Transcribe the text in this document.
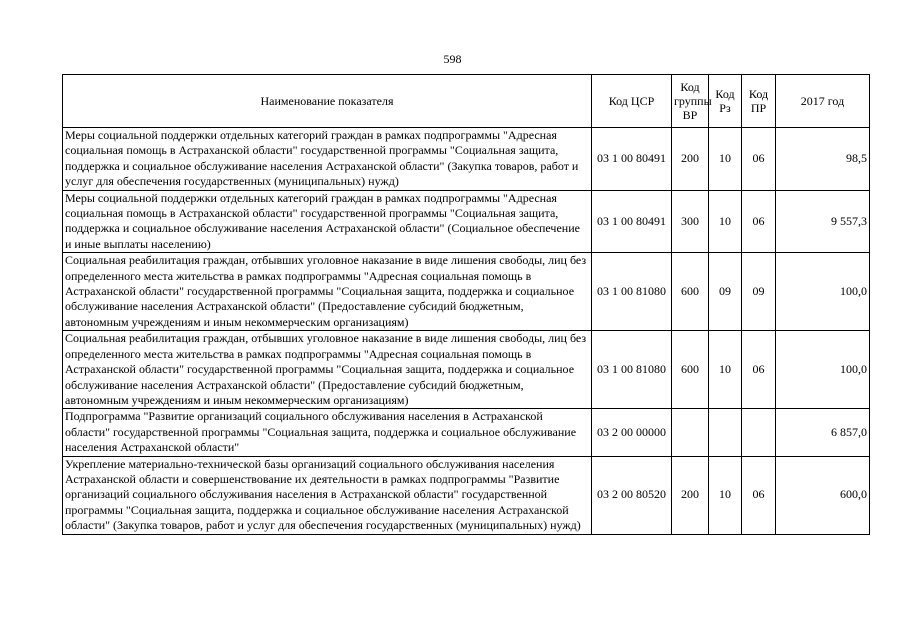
598
Наименование показателя	Код ЦСР	Код группы ВР	Код Рз	Код ПР	2017 год
Меры социальной поддержки отдельных категорий граждан в рамках подпрограммы "Адресная социальная помощь в Астраханской области" государственной программы "Социальная защита, поддержка и социальное обслуживание населения Астраханской области" (Закупка товаров, работ и услуг для обеспечения государственных (муниципальных) нужд)	03 1 00 80491	200	10	06	98,5
Меры социальной поддержки отдельных категорий граждан в рамках подпрограммы "Адресная социальная помощь в Астраханской области" государственной программы "Социальная защита, поддержка и социальное обслуживание населения Астраханской области" (Социальное обеспечение и иные выплаты населению)	03 1 00 80491	300	10	06	9 557,3
Социальная реабилитация граждан, отбывших уголовное наказание в виде лишения свободы, лиц без определенного места жительства в рамках подпрограммы "Адресная социальная помощь в Астраханской области" государственной программы "Социальная защита, поддержка и социальное обслуживание населения Астраханской области" (Предоставление субсидий бюджетным, автономным учреждениям и иным некоммерческим организациям)	03 1 00 81080	600	09	09	100,0
Социальная реабилитация граждан, отбывших уголовное наказание в виде лишения свободы, лиц без определенного места жительства в рамках подпрограммы "Адресная социальная помощь в Астраханской области" государственной программы "Социальная защита, поддержка и социальное обслуживание населения Астраханской области" (Предоставление субсидий бюджетным, автономным учреждениям и иным некоммерческим организациям)	03 1 00 81080	600	10	06	100,0
Подпрограмма "Развитие организаций социального обслуживания населения в Астраханской области" государственной программы "Социальная защита, поддержка и социальное обслуживание населения Астраханской области"	03 2 00 00000				6 857,0
Укрепление материально-технической базы организаций социального обслуживания населения Астраханской области и совершенствование их деятельности в рамках подпрограммы "Развитие организаций социального обслуживания населения в Астраханской области" государственной программы "Социальная защита, поддержка и социальное обслуживание населения Астраханской области" (Закупка товаров, работ и услуг для обеспечения государственных (муниципальных) нужд)	03 2 00 80520	200	10	06	600,0
